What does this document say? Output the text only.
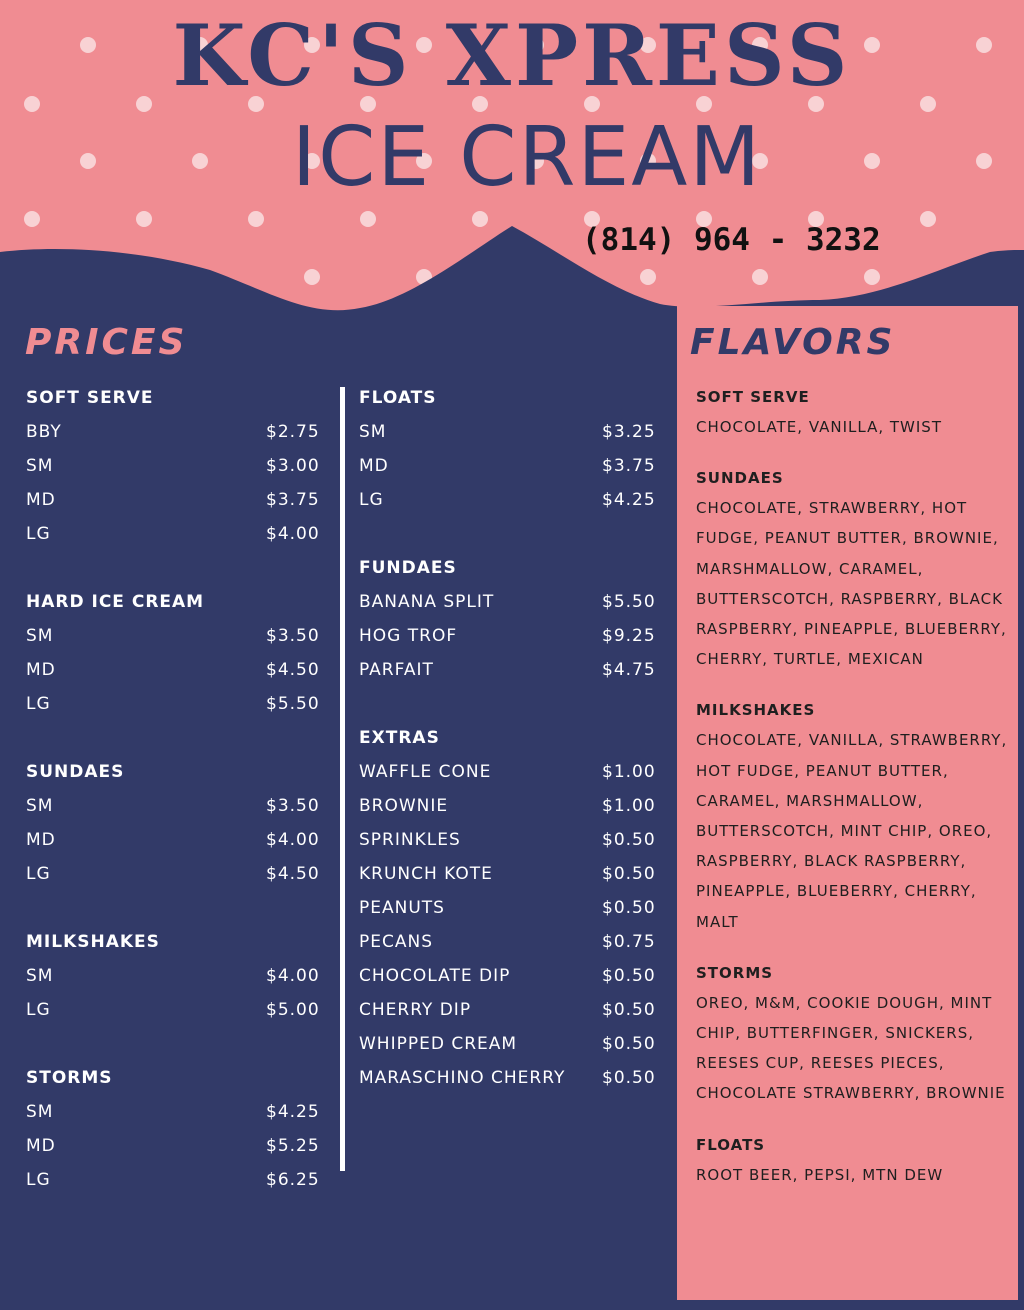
KC'S XPRESS
ICE CREAM
(814) 964 - 3232
PRICES	FLAVORS
SOFT SERVE
BBY	$2.75
SM	$3.00
MD	$3.75
LG	$4.00
HARD ICE CREAM
SM	$3.50
MD	$4.50
LG	$5.50
SUNDAES
SM	$3.50
MD	$4.00
LG	$4.50
MILKSHAKES
SM	$4.00
LG	$5.00
STORMS
SM	$4.25
MD	$5.25
LG	$6.25
FLOATS
SM	$3.25
MD	$3.75
LG	$4.25
FUNDAES
BANANA SPLIT	$5.50
HOG TROF	$9.25
PARFAIT	$4.75
EXTRAS
WAFFLE CONE	$1.00
BROWNIE	$1.00
SPRINKLES	$0.50
KRUNCH KOTE	$0.50
PEANUTS	$0.50
PECANS	$0.75
CHOCOLATE DIP	$0.50
CHERRY DIP	$0.50
WHIPPED CREAM	$0.50
MARASCHINO CHERRY $0.50
SOFT SERVE
CHOCOLATE, VANILLA, TWIST
SUNDAES
CHOCOLATE, STRAWBERRY, HOT FUDGE, PEANUT BUTTER, BROWNIE, MARSHMALLOW, CARAMEL, BUTTERSCOTCH, RASPBERRY, BLACK RASPBERRY, PINEAPPLE, BLUEBERRY, CHERRY, TURTLE, MEXICAN
MILKSHAKES
CHOCOLATE, VANILLA, STRAWBERRY, HOT FUDGE, PEANUT BUTTER, CARAMEL, MARSHMALLOW, BUTTERSCOTCH, MINT CHIP, OREO, RASPBERRY, BLACK RASPBERRY, PINEAPPLE, BLUEBERRY, CHERRY, MALT
STORMS
OREO, M&M, COOKIE DOUGH, MINT CHIP, BUTTERFINGER, SNICKERS, REESES CUP, REESES PIECES, CHOCOLATE STRAWBERRY, BROWNIE
FLOATS
ROOT BEER, PEPSI, MTN DEW
